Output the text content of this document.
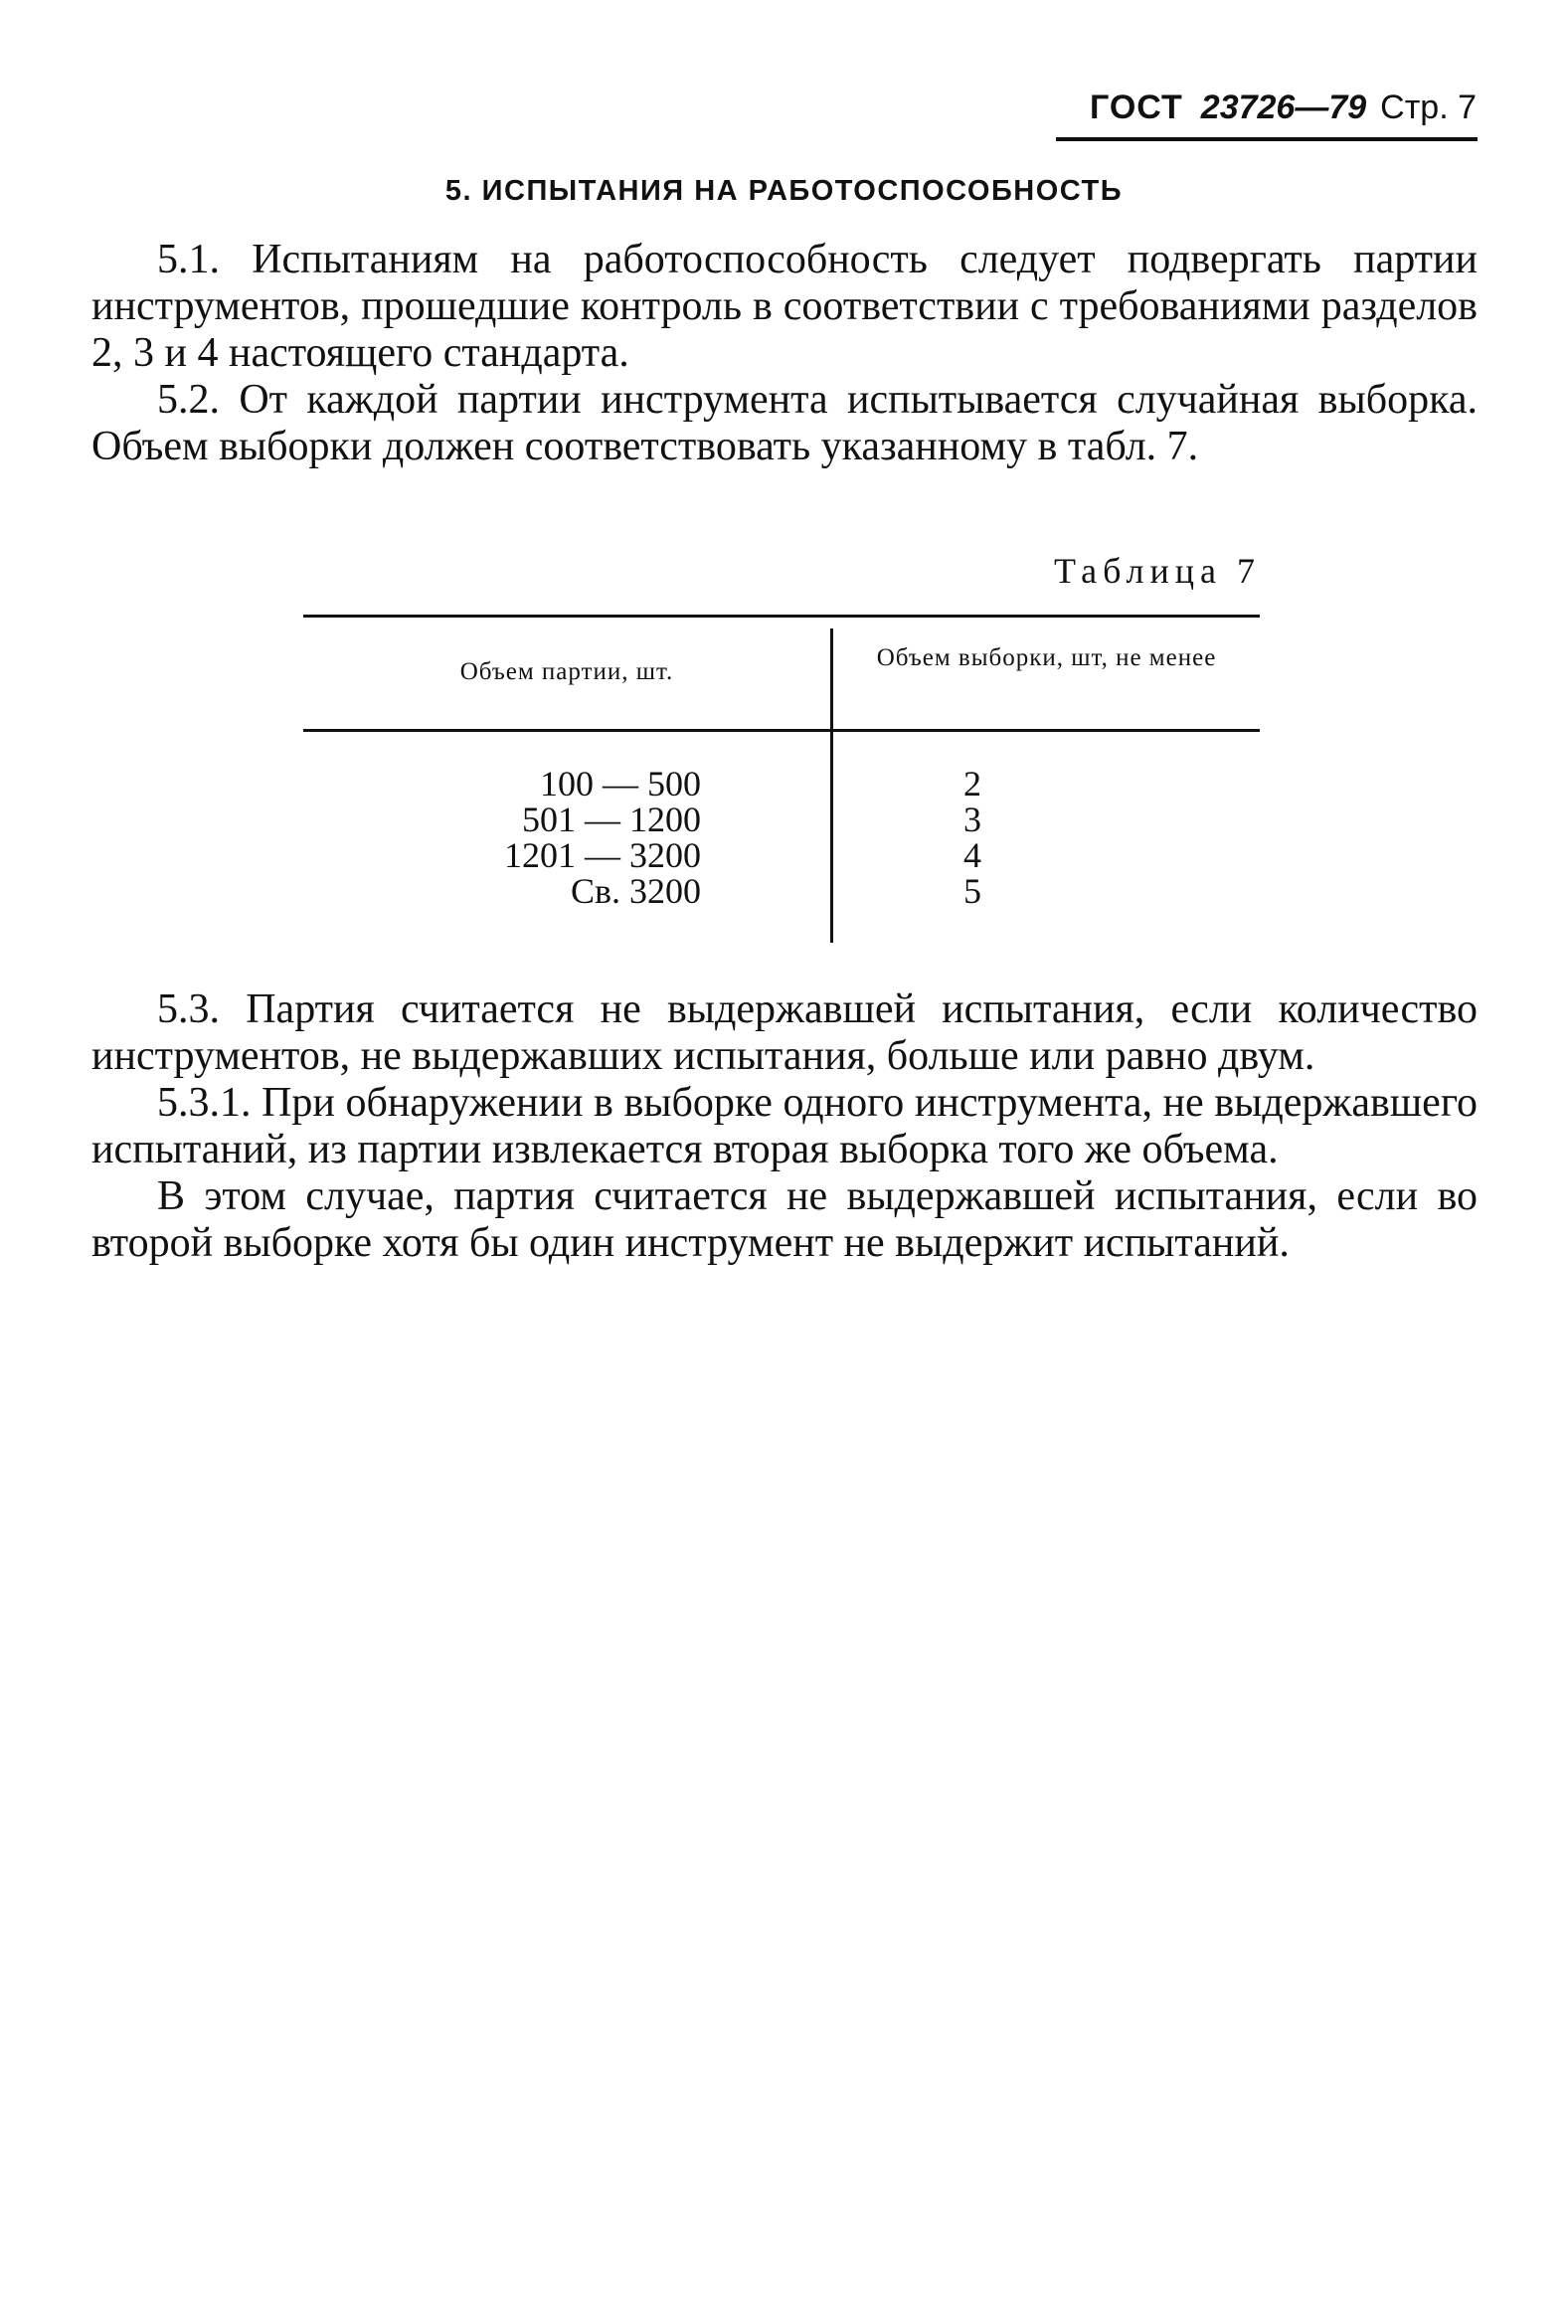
ГОСТ 23726—79 Стр. 7
5. ИСПЫТАНИЯ НА РАБОТОСПОСОБНОСТЬ

5.1. Испытаниям на работоспособность следует подвергать партии инструментов, прошедшие контроль в соответствии с требованиями разделов 2, 3 и 4 настоящего стандарта.

5.2. От каждой партии инструмента испытывается случайная выборка. Объем выборки должен соответствовать указанному в табл. 7.

Таблица 7
Объем партии, шт.
Объем выборки, шт, не менее
100 — 500
501 — 1200
1201 — 3200
Св. 3200
2
3
4
5

5.3. Партия считается не выдержавшей испытания, если количество инструментов, не выдержавших испытания, больше или равно двум.

5.3.1. При обнаружении в выборке одного инструмента, не выдержавшего испытаний, из партии извлекается вторая выборка того же объема.

В этом случае, партия считается не выдержавшей испытания, если во второй выборке хотя бы один инструмент не выдержит испытаний.
